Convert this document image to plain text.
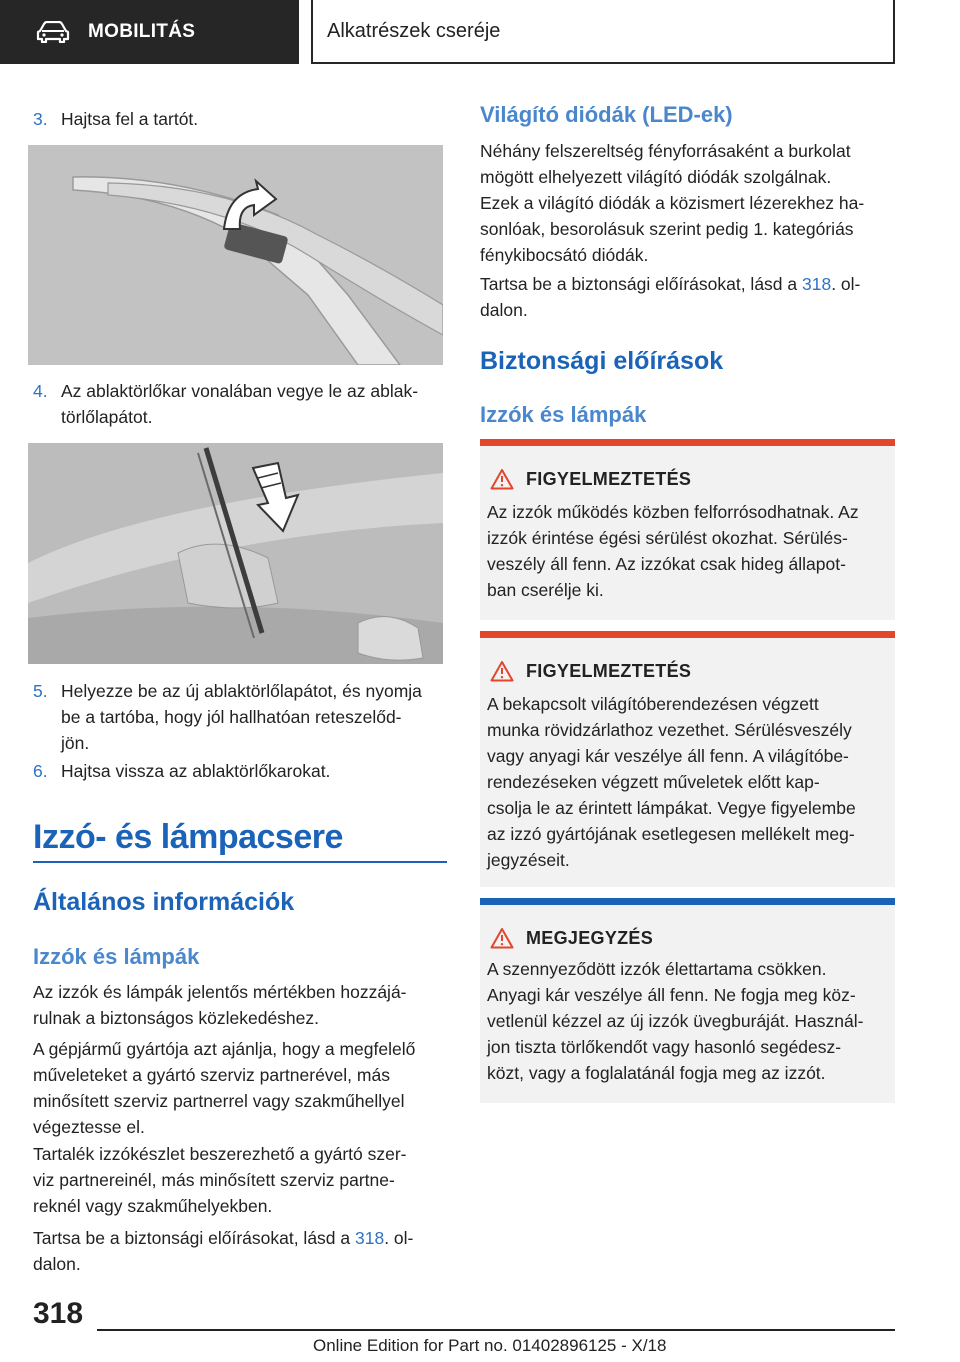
MOBILITÁS	Alkatrészek cseréje
3. Hajtsa fel a tartót.
4. Az ablaktörlőkar vonalában vegye le az ablak‐
törlőlapátot.
5. Helyezze be az új ablaktörlőlapátot, és nyomja
be a tartóba, hogy jól hallhatóan reteszelőd‐
jön.
6. Hajtsa vissza az ablaktörlőkarokat.
Izzó- és lámpacsere
Általános információk
Izzók és lámpák
Az izzók és lámpák jelentős mértékben hozzájá‐
rulnak a biztonságos közlekedéshez.
A gépjármű gyártója azt ajánlja, hogy a megfelelő
műveleteket a gyártó szerviz partnerével, más
minősített szerviz partnerrel vagy szakműhellyel
végeztesse el.
Tartalék izzókészlet beszerezhető a gyártó szer‐
viz partnereinél, más minősített szerviz partne‐
reknél vagy szakműhelyekben.
Tartsa be a biztonsági előírásokat, lásd a 318. ol‐
dalon.
Világító diódák (LED-ek)
Néhány felszereltség fényforrásaként a burkolat
mögött elhelyezett világító diódák szolgálnak.
Ezek a világító diódák a közismert lézerekhez ha‐
sonlóak, besorolásuk szerint pedig 1. kategóriás
fénykibocsátó diódák.
Tartsa be a biztonsági előírásokat, lásd a 318. ol‐
dalon.
Biztonsági előírások
Izzók és lámpák
FIGYELMEZTETÉS
Az izzók működés közben felforrósodhatnak. Az
izzók érintése égési sérülést okozhat. Sérülés‐
veszély áll fenn. Az izzókat csak hideg állapot‐
ban cserélje ki.
FIGYELMEZTETÉS
A bekapcsolt világítóberendezésen végzett
munka rövidzárlathoz vezethet. Sérülésveszély
vagy anyagi kár veszélye áll fenn. A világítóbe‐
rendezéseken végzett műveletek előtt kap‐
csolja le az érintett lámpákat. Vegye figyelembe
az izzó gyártójának esetlegesen mellékelt meg‐
jegyzéseit.
MEGJEGYZÉS
A szennyeződött izzók élettartama csökken.
Anyagi kár veszélye áll fenn. Ne fogja meg köz‐
vetlenül kézzel az új izzók üvegburáját. Használ‐
jon tiszta törlőkendőt vagy hasonló segédesz‐
közt, vagy a foglalatánál fogja meg az izzót.
318
Online Edition for Part no. 01402896125 - X/18
